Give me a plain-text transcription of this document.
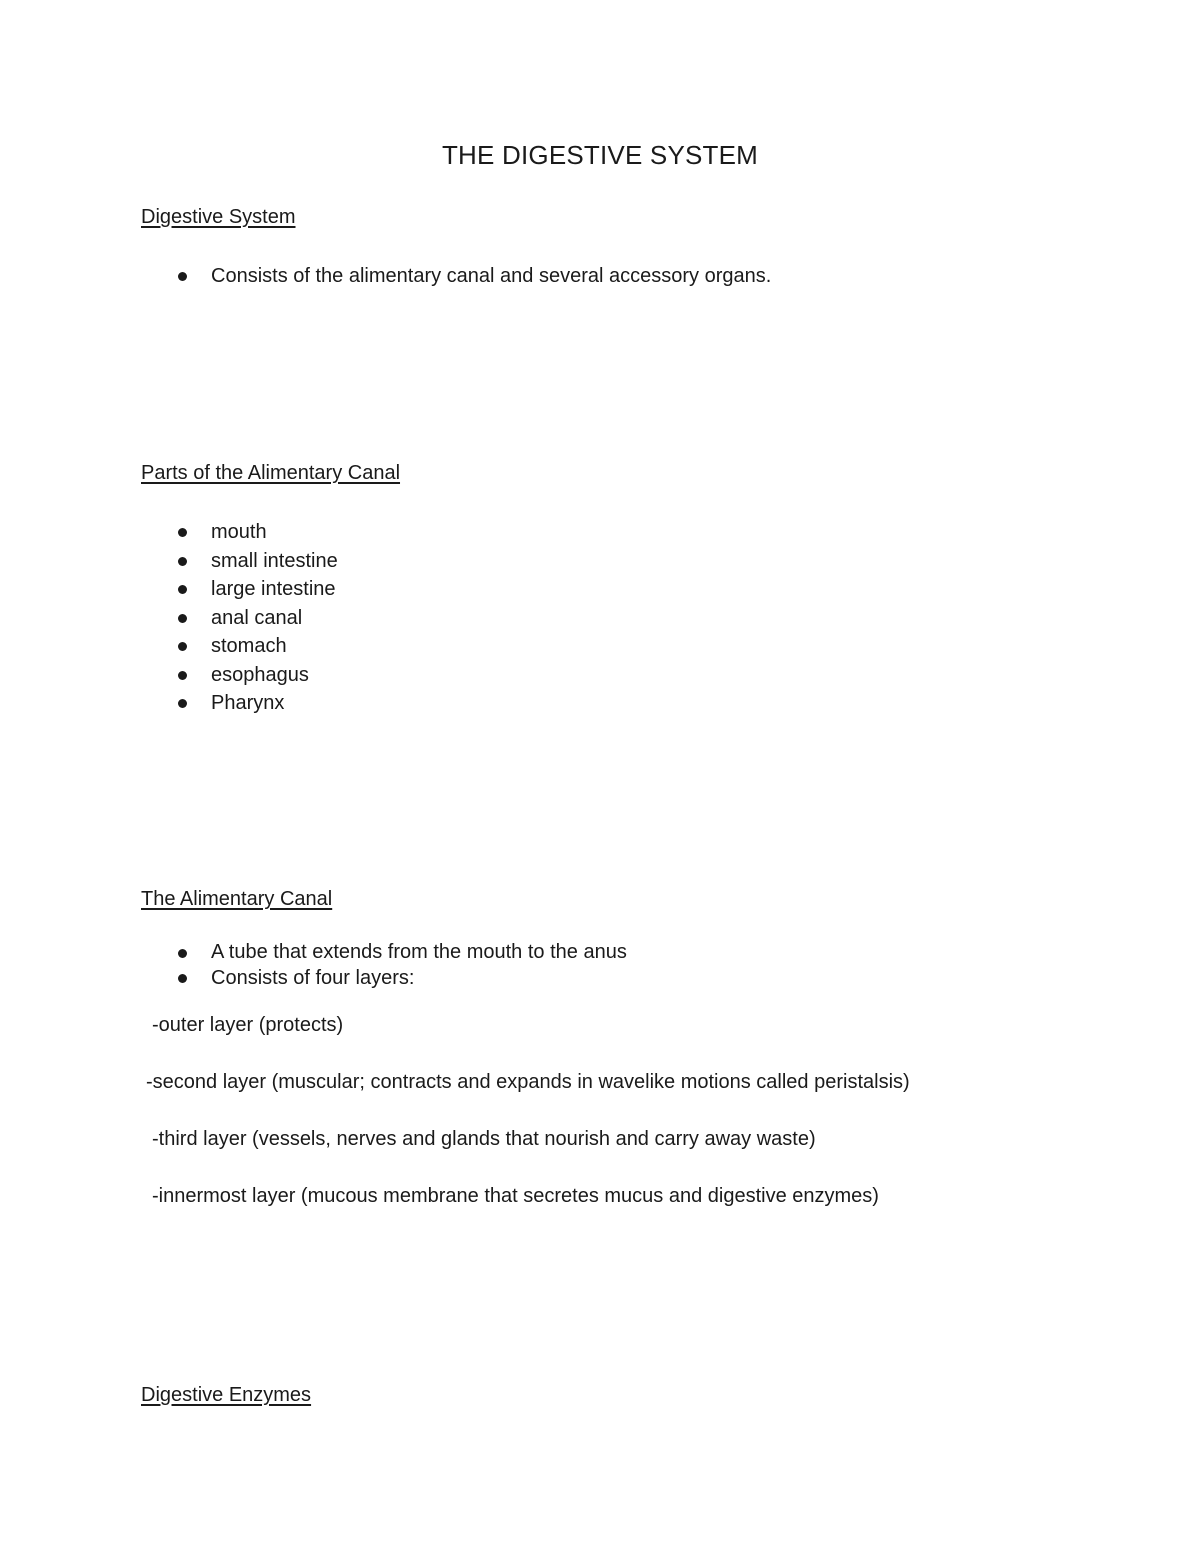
THE DIGESTIVE SYSTEM
Digestive System
Consists of the alimentary canal and several accessory organs.
Parts of the Alimentary Canal
mouth
small intestine
large intestine
anal canal
stomach
esophagus
Pharynx
The Alimentary Canal
A tube that extends from the mouth to the anus
Consists of four layers:

-outer layer (protects)

-second layer (muscular; contracts and expands in wavelike motions called peristalsis)

-third layer (vessels, nerves and glands that nourish and carry away waste)

-innermost layer (mucous membrane that secretes mucus and digestive enzymes)

Digestive Enzymes
